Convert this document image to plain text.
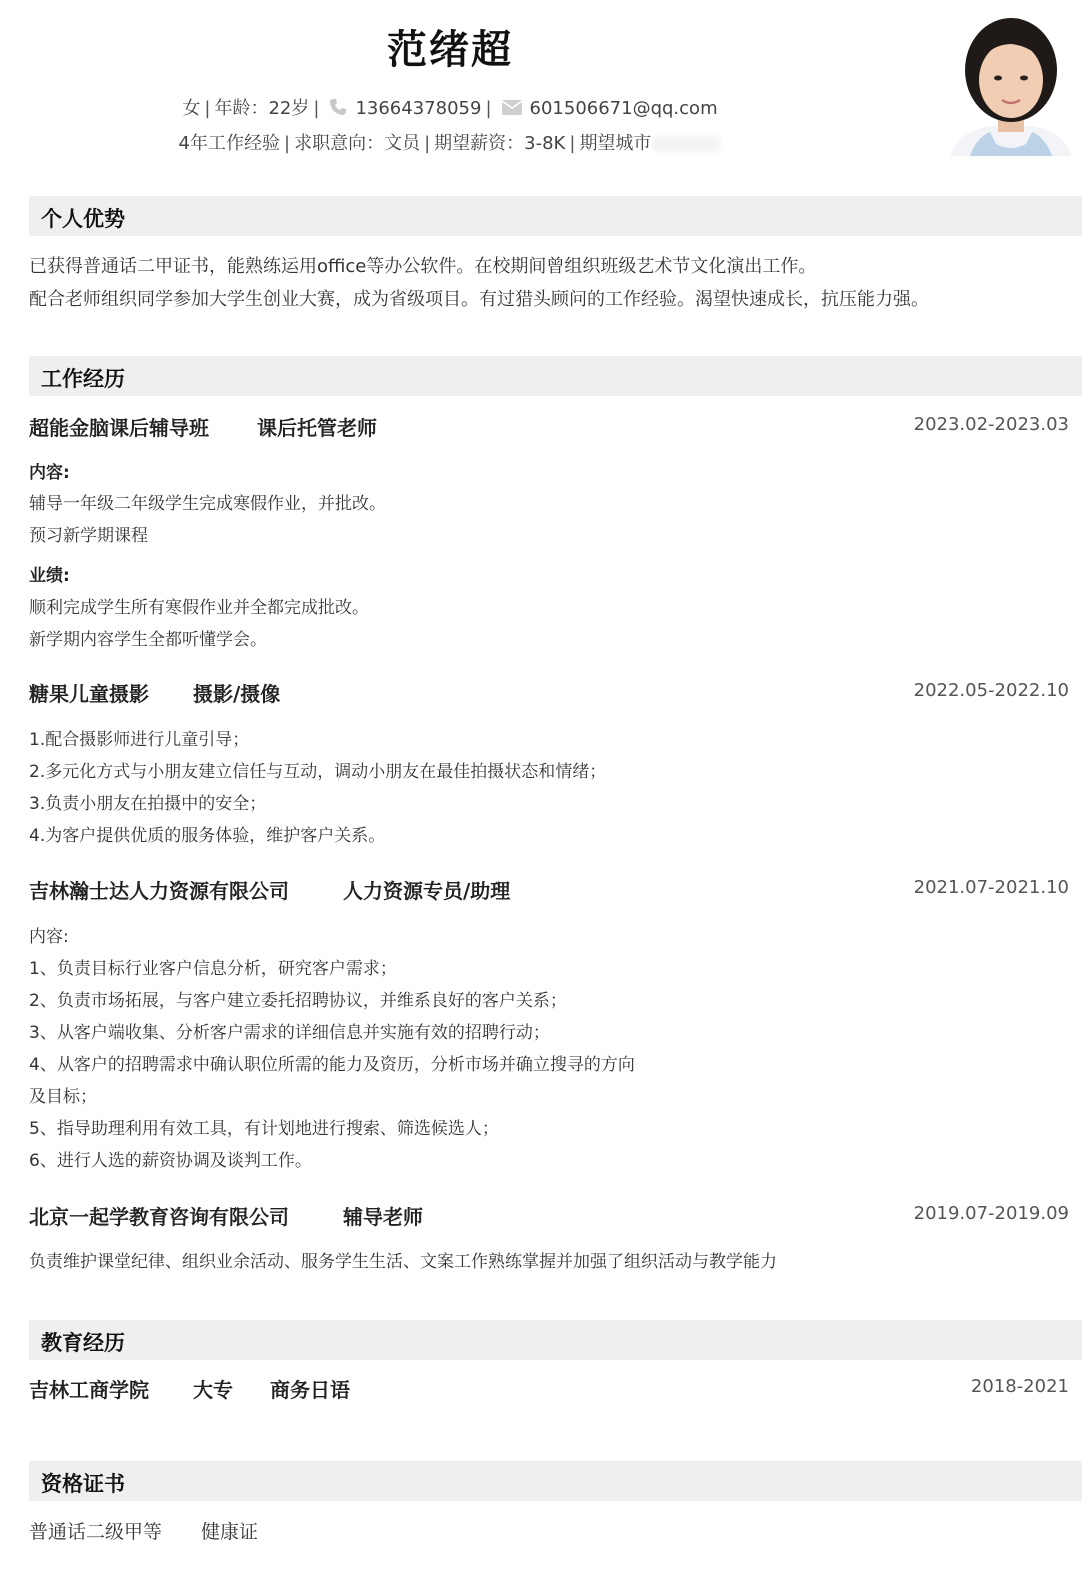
范绪超
女 | 年龄：22岁 | 13664378059 | 601506671@qq.com
4年工作经验 | 求职意向：文员 | 期望薪资：3-8K | 期望城市
个人优势
已获得普通话二甲证书，能熟练运用office等办公软件。在校期间曾组织班级艺术节文化演出工作。
配合老师组织同学参加大学生创业大赛，成为省级项目。有过猎头顾问的工作经验。渴望快速成长，抗压能力强。
工作经历
超能金脑课后辅导班 课后托管老师	2023.02-2023.03
内容:
辅导一年级二年级学生完成寒假作业，并批改。
预习新学期课程
业绩:
顺利完成学生所有寒假作业并全都完成批改。
新学期内容学生全都听懂学会。
糖果儿童摄影 摄影/摄像	2022.05-2022.10
1.配合摄影师进行儿童引导；
2.多元化方式与小朋友建立信任与互动，调动小朋友在最佳拍摄状态和情绪；
3.负责小朋友在拍摄中的安全；
4.为客户提供优质的服务体验，维护客户关系。
吉林瀚士达人力资源有限公司	人力资源专员/助理	2021.07-2021.10
内容:
1、负责目标行业客户信息分析，研究客户需求；
2、负责市场拓展，与客户建立委托招聘协议，并维系良好的客户关系；
3、从客户端收集、分析客户需求的详细信息并实施有效的招聘行动；
4、从客户的招聘需求中确认职位所需的能力及资历，分析市场并确立搜寻的方向
及目标；
5、指导助理利用有效工具，有计划地进行搜索、筛选候选人；
6、进行人选的薪资协调及谈判工作。
北京一起学教育咨询有限公司	辅导老师	2019.07-2019.09
负责维护课堂纪律、组织业余活动、服务学生生活、文案工作熟练掌握并加强了组织活动与教学能力
教育经历
吉林工商学院 大专 商务日语	2018-2021
资格证书
普通话二级甲等 健康证
